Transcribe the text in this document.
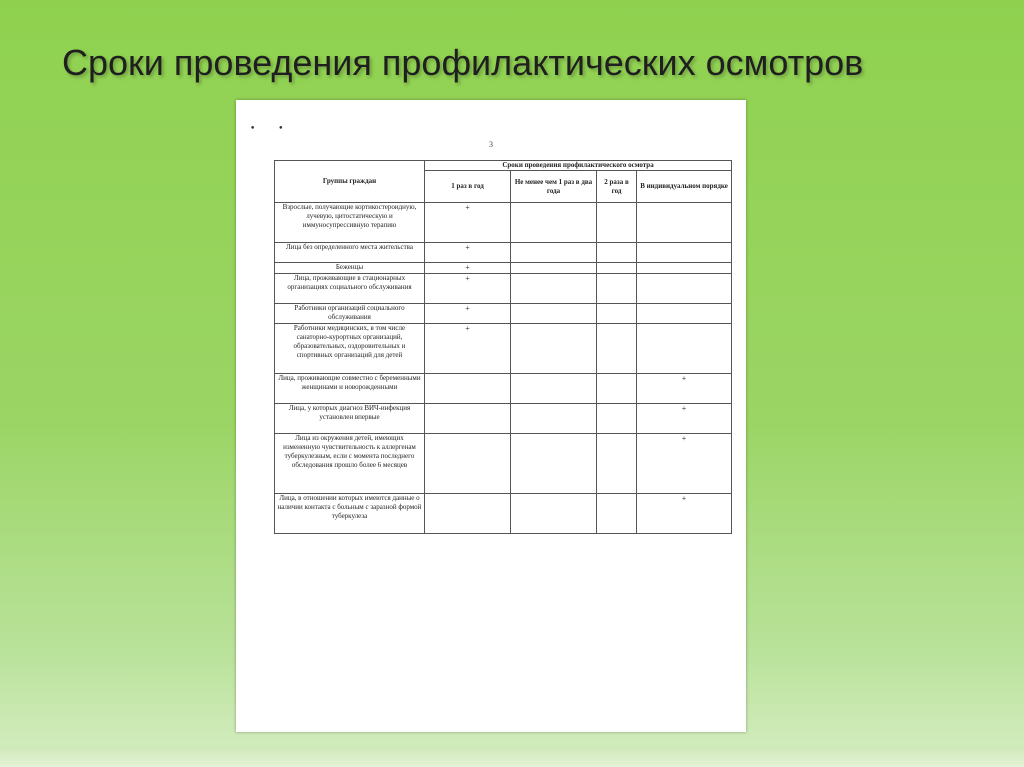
Сроки проведения профилактических осмотров
• •
3
Группы граждан	Сроки проведения профилактического осмотра			
	1 раз в год	Не менее чем 1 раз в два года	2 раза в год	В индивидуальном порядке
Взрослые, получающие кортикостероидную, лучевую, цитостатическую и иммуносупрессивную терапию	+			
Лица без определенного места жительства	+			
Беженцы	+			
Лица, проживающие в стационарных организациях социального обслуживания	+			
Работники организаций социального обслуживания	+			
Работники медицинских, в том числе санаторно-курортных организаций, образовательных, оздоровительных и спортивных организаций для детей	+			
Лица, проживающие совместно с беременными женщинами и новорожденными				+
Лица, у которых диагноз ВИЧ-инфекция установлен впервые				+
Лица из окружения детей, имеющих измененную чувствительность к аллергенам туберкулезным, если с момента последнего обследования прошло более 6 месяцев				+
Лица, в отношении которых имеются данные о наличии контакта с больным с заразной формой туберкулеза				+
